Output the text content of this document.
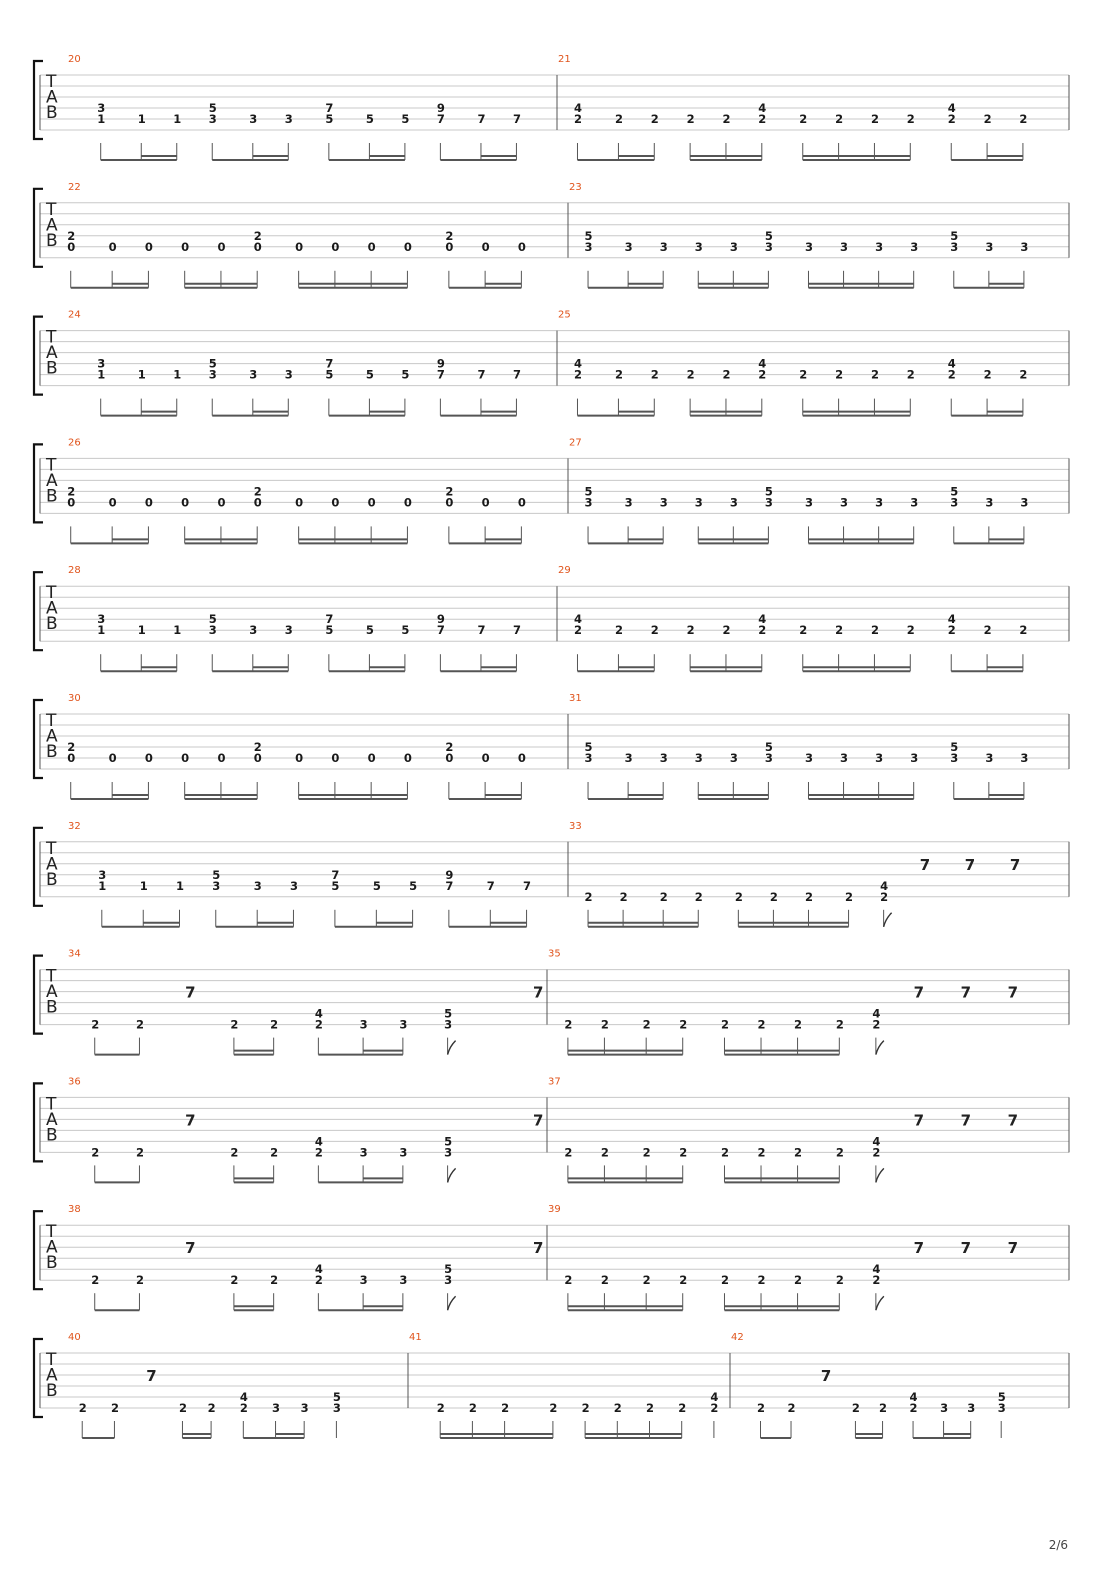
T
A
B
20
1
3
1 1 3
5
3 3	5
7
5 5 7
9
7 7
21
2
4
2 2 2 2 2
4
2 2 2 2	2
4
2 2
T
A
B
22
0
2
0 0 0 0 0
2
0 0 0 0	0
2
0 0
23
3
5
3 3 3 3 3
5
3 3 3 3	3
5
3 3
T
A
B
24
1
3
1 1 3
5
3 3	5
7
5 5 7
9
7 7
25
2
4
2 2 2 2 2
4
2 2 2 2	2
4
2 2
T
A
B
26
0
2
0 0 0 0 0
2
0 0 0 0	0
2
0 0
27
3
5
3 3 3 3 3
5
3 3 3 3	3
5
3 3
T
A
B
28
1
3
1 1 3
5
3 3	5
7
5 5 7
9
7 7
29
2
4
2 2 2 2 2
4
2 2 2 2	2
4
2 2
T
A
B
30
0
2
0 0 0 0 0
2
0 0 0 0	0
2
0 0
31
3
5
3 3 3 3 3
5
3 3 3 3	3
5
3 3
T
A
B
32
1
3
1 1 3
5
3 3	5
7
5 5 7
9
7 7
33
2 2	2 2	2 2 2	2 2
4
7 7 7
T
A
B
34
2	2
7
2	2	2
4
3	3	3
5
7
35
2 2	2 2	2 2 2	2 2
4
7 7 7
T
A
B
36
2	2
7
2	2	2
4
3	3	3
5
7
37
2 2	2 2	2 2 2	2 2
4
7 7 7
T
A
B
38
2	2
7
2	2	2
4
3	3	3
5
7
39
2 2	2 2	2 2 2	2 2
4
7 7 7
T
A
B
40
2 2
7
2 2 2
4
3 3 3
5
41
2 2 2	2 2 2 2 2 2
4
42
2 2
7
2 2 2
4
3 3 3
5
2/6
